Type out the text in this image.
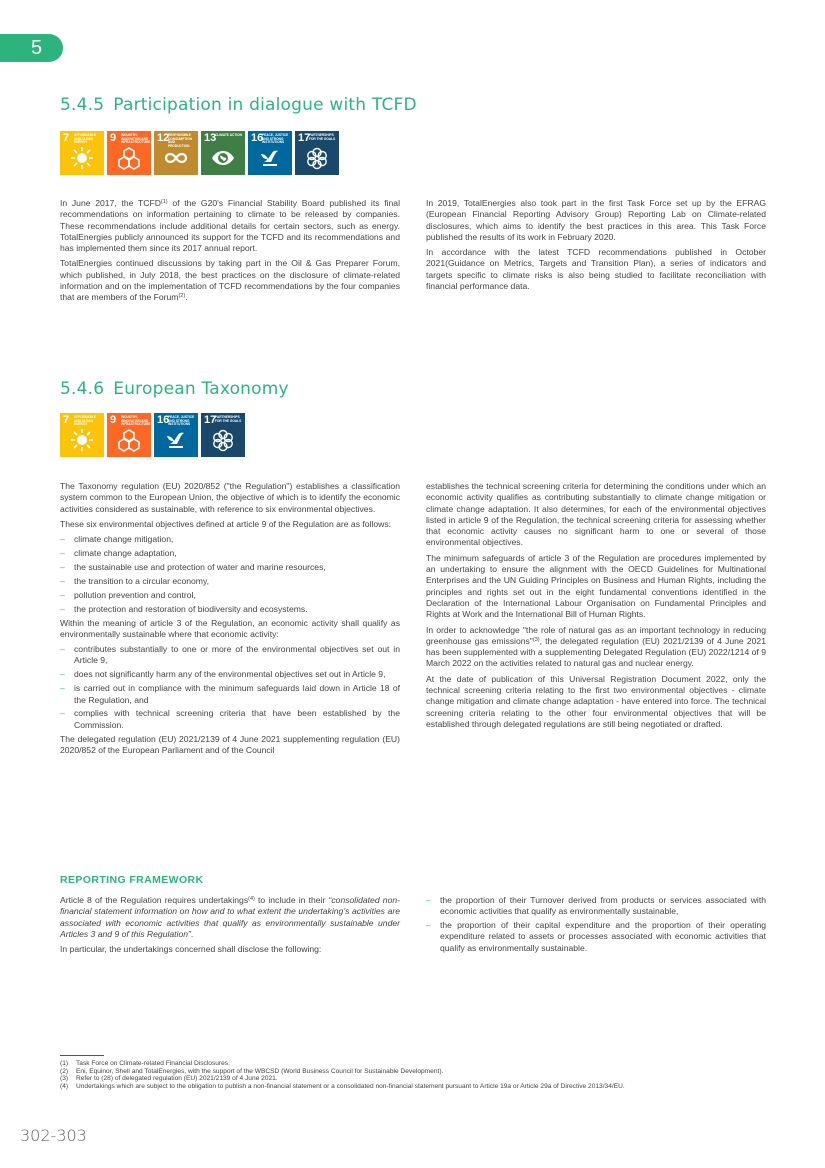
5
5.4.5 Participation in dialogue with TCFD
7 AFFORDABLE AND CLEAN ENERGY	9 INDUSTRY, INNOVATION AND INFRASTRUCTURE 12
RESPONSIBLE CONSUMPTION AND PRODUCTION
13
CLIMATE ACTION 16
PEACE, JUSTICE AND STRONG INSTITUTIONS	17
PARTNERSHIPS FOR THE GOALS

In June 2017, the TCFD$^{(1)}$ of the G20's Financial Stability Board published its final recommendations on information pertaining to climate to be released by companies. These recommendations include additional details for certain sectors, such as energy. TotalEnergies publicly announced its support for the TCFD and its recommendations and has implemented them since its 2017 annual report.

TotalEnergies continued discussions by taking part in the Oil & Gas Preparer Forum, which published, in July 2018, the best practices on the disclosure of climate-related information and on the implementation of TCFD recommendations by the four companies that are members of the Forum$^{(2)}$.

In 2019, TotalEnergies also took part in the first Task Force set up by the EFRAG (European Financial Reporting Advisory Group) Reporting Lab on Climate-related disclosures, which aims to identify the best practices in this area. This Task Force published the results of its work in February 2020.

In accordance with the latest TCFD recommendations published in October 2021(Guidance on Metrics, Targets and Transition Plan), a series of indicators and targets specific to climate risks is also being studied to facilitate reconciliation with financial performance data.

5.4.6 European Taxonomy
7 AFFORDABLE AND CLEAN ENERGY	9 INDUSTRY, INNOVATION AND INFRASTRUCTURE 16
PEACE, JUSTICE AND STRONG INSTITUTIONS	17
PARTNERSHIPS FOR THE GOALS

The Taxonomy regulation (EU) 2020/852 ("the Regulation") establishes a classification system common to the European Union, the objective of which is to identify the economic activities considered as sustainable, with reference to six environmental objectives.

These six environmental objectives defined at article 9 of the Regulation are as follows:

– climate change mitigation,
– climate change adaptation,
– the sustainable use and protection of water and marine resources,
– the transition to a circular economy,
– pollution prevention and control,
– the protection and restoration of biodiversity and ecosystems.

Within the meaning of article 3 of the Regulation, an economic activity shall qualify as environmentally sustainable where that economic activity:

– contributes substantially to one or more of the environmental objectives set out in Article 9,
– does not significantly harm any of the environmental objectives set out in Article 9,
– is carried out in compliance with the minimum safeguards laid down in Article 18 of the Regulation, and
– complies with technical screening criteria that have been established by the Commission.

The delegated regulation (EU) 2021/2139 of 4 June 2021 supplementing regulation (EU) 2020/852 of the European Parliament and of the Council

establishes the technical screening criteria for determining the conditions under which an economic activity qualifies as contributing substantially to climate change mitigation or climate change adaptation. It also determines, for each of the environmental objectives listed in article 9 of the Regulation, the technical screening criteria for assessing whether that economic activity causes no significant harm to one or several of those environmental objectives.

The minimum safeguards of article 3 of the Regulation are procedures implemented by an undertaking to ensure the alignment with the OECD Guidelines for Multinational Enterprises and the UN Guiding Principles on Business and Human Rights, including the principles and rights set out in the eight fundamental conventions identified in the Declaration of the International Labour Organisation on Fundamental Principles and Rights at Work and the International Bill of Human Rights.

In order to acknowledge "the role of natural gas as an important technology in reducing greenhouse gas emissions"$^{(3)}$, the delegated regulation (EU) 2021/2139 of 4 June 2021 has been supplemented with a supplementing Delegated Regulation (EU) 2022/1214 of 9 March 2022 on the activities related to natural gas and nuclear energy.

At the date of publication of this Universal Registration Document 2022, only the technical screening criteria relating to the first two environmental objectives - climate change mitigation and climate change adaptation - have entered into force. The technical screening criteria relating to the other four environmental objectives that will be established through delegated regulations are still being negotiated or drafted.

REPORTING FRAMEWORK

Article 8 of the Regulation requires undertakings$^{(4)}$ to include in their “consolidated non-financial statement information on how and to what extent the undertaking’s activities are associated with economic activities that qualify as environmentally sustainable under Articles 3 and 9 of this Regulation”.

In particular, the undertakings concerned shall disclose the following:

– the proportion of their Turnover derived from products or services associated with economic activities that qualify as environmentally sustainable,
– the proportion of their capital expenditure and the proportion of their operating expenditure related to assets or processes associated with economic activities that qualify as environmentally sustainable.
(1)	Task Force on Climate-related Financial Disclosures.
(2)	Eni, Equinor, Shell and TotalEnergies, with the support of the WBCSD (World Business Council for Sustainable Development).
(3)	Refer to (28) of delegated regulation (EU) 2021/2139 of 4 June 2021.
(4)	Undertakings which are subject to the obligation to publish a non-financial statement or a consolidated non-financial statement pursuant to Article 19a or Article 29a of Directive 2013/34/EU.
302-303
